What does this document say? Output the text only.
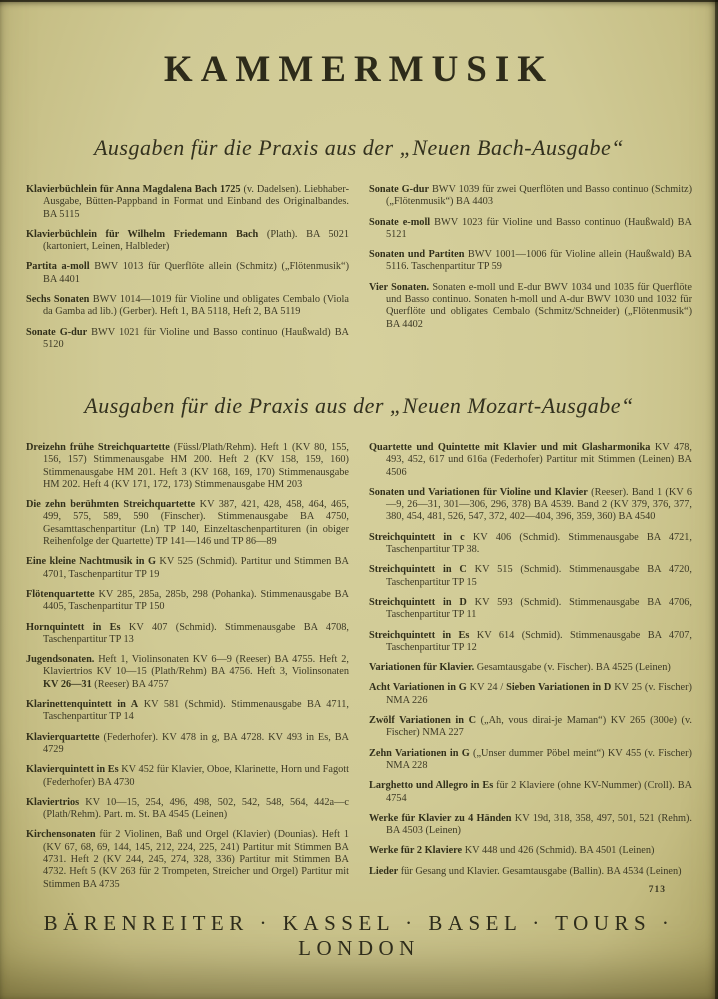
KAMMERMUSIK
Ausgaben für die Praxis aus der „Neuen Bach-Ausgabe“
Klavierbüchlein für Anna Magdalena Bach 1725 (v. Dadelsen). Liebhaber-Ausgabe, Bütten-Pappband in Format und Einband des Originalbandes. BA 5115
Klavierbüchlein für Wilhelm Friedemann Bach (Plath). BA 5021 (kartoniert, Leinen, Halbleder)
Partita a-moll BWV 1013 für Querflöte allein (Schmitz) („Flötenmusik“) BA 4401
Sechs Sonaten BWV 1014—1019 für Violine und obligates Cembalo (Viola da Gamba ad lib.) (Gerber). Heft 1, BA 5118, Heft 2, BA 5119
Sonate G-dur BWV 1021 für Violine und Basso continuo (Haußwald) BA 5120
Sonate G-dur BWV 1039 für zwei Querflöten und Basso continuo (Schmitz) („Flötenmusik“) BA 4403
Sonate e-moll BWV 1023 für Violine und Basso continuo (Haußwald) BA 5121
Sonaten und Partiten BWV 1001—1006 für Violine allein (Haußwald) BA 5116. Taschenpartitur TP 59
Vier Sonaten. Sonaten e-moll und E-dur BWV 1034 und 1035 für Querflöte und Basso continuo. Sonaten h-moll und A-dur BWV 1030 und 1032 für Querflöte und obligates Cembalo (Schmitz/Schneider) („Flötenmusik“) BA 4402
Ausgaben für die Praxis aus der „Neuen Mozart-Ausgabe“
Dreizehn frühe Streichquartette (Füssl/Plath/Rehm). Heft 1 (KV 80, 155, 156, 157) Stimmenausgabe HM 200. Heft 2 (KV 158, 159, 160) Stimmenausgabe HM 201. Heft 3 (KV 168, 169, 170) Stimmenausgabe HM 202. Heft 4 (KV 171, 172, 173) Stimmenausgabe HM 203
Die zehn berühmten Streichquartette KV 387, 421, 428, 458, 464, 465, 499, 575, 589, 590 (Finscher). Stimmenausgabe BA 4750, Gesamttaschenpartitur (Ln) TP 140, Einzeltaschenpartituren (in obiger Reihenfolge der Quartette) TP 141—146 und TP 86—89
Eine kleine Nachtmusik in G KV 525 (Schmid). Partitur und Stimmen BA 4701, Taschenpartitur TP 19
Flötenquartette KV 285, 285a, 285b, 298 (Pohanka). Stimmenausgabe BA 4405, Taschenpartitur TP 150
Hornquintett in Es KV 407 (Schmid). Stimmenausgabe BA 4708, Taschenpartitur TP 13
Jugendsonaten. Heft 1, Violinsonaten KV 6—9 (Reeser) BA 4755. Heft 2, Klaviertrios KV 10—15 (Plath/Rehm) BA 4756. Heft 3, Violinsonaten KV 26—31 (Reeser) BA 4757
Klarinettenquintett in A KV 581 (Schmid). Stimmenausgabe BA 4711, Taschenpartitur TP 14
Klavierquartette (Federhofer). KV 478 in g, BA 4728. KV 493 in Es, BA 4729
Klavierquintett in Es KV 452 für Klavier, Oboe, Klarinette, Horn und Fagott (Federhofer) BA 4730
Klaviertrios KV 10—15, 254, 496, 498, 502, 542, 548, 564, 442a—c (Plath/Rehm). Part. m. St. BA 4545 (Leinen)
Kirchensonaten für 2 Violinen, Baß und Orgel (Klavier) (Dounias). Heft 1 (KV 67, 68, 69, 144, 145, 212, 224, 225, 241) Partitur mit Stimmen BA 4731. Heft 2 (KV 244, 245, 274, 328, 336) Partitur mit Stimmen BA 4732. Heft 5 (KV 263 für 2 Trompeten, Streicher und Orgel) Partitur mit Stimmen BA 4735
Quartette und Quintette mit Klavier und mit Glasharmonika KV 478, 493, 452, 617 und 616a (Federhofer) Partitur mit Stimmen (Leinen) BA 4506
Sonaten und Variationen für Violine und Klavier (Reeser). Band 1 (KV 6—9, 26—31, 301—306, 296, 378) BA 4539. Band 2 (KV 379, 376, 377, 380, 454, 481, 526, 547, 372, 402—404, 396, 359, 360) BA 4540
Streichquintett in c KV 406 (Schmid). Stimmenausgabe BA 4721, Taschenpartitur TP 38.
Streichquintett in C KV 515 (Schmid). Stimmenausgabe BA 4720, Taschenpartitur TP 15
Streichquintett in D KV 593 (Schmid). Stimmenausgabe BA 4706, Taschenpartitur TP 11
Streichquintett in Es KV 614 (Schmid). Stimmenausgabe BA 4707, Taschenpartitur TP 12
Variationen für Klavier. Gesamtausgabe (v. Fischer). BA 4525 (Leinen)
Acht Variationen in G KV 24 / Sieben Variationen in D KV 25 (v. Fischer) NMA 226
Zwölf Variationen in C („Ah, vous dirai-je Maman“) KV 265 (300e) (v. Fischer) NMA 227
Zehn Variationen in G („Unser dummer Pöbel meint“) KV 455 (v. Fischer) NMA 228
Larghetto und Allegro in Es für 2 Klaviere (ohne KV-Nummer) (Croll). BA 4754
Werke für Klavier zu 4 Händen KV 19d, 318, 358, 497, 501, 521 (Rehm). BA 4503 (Leinen)
Werke für 2 Klaviere KV 448 und 426 (Schmid). BA 4501 (Leinen)
Lieder für Gesang und Klavier. Gesamtausgabe (Ballin). BA 4534 (Leinen)
713
BÄRENREITER · KASSEL · BASEL · TOURS · LONDON
